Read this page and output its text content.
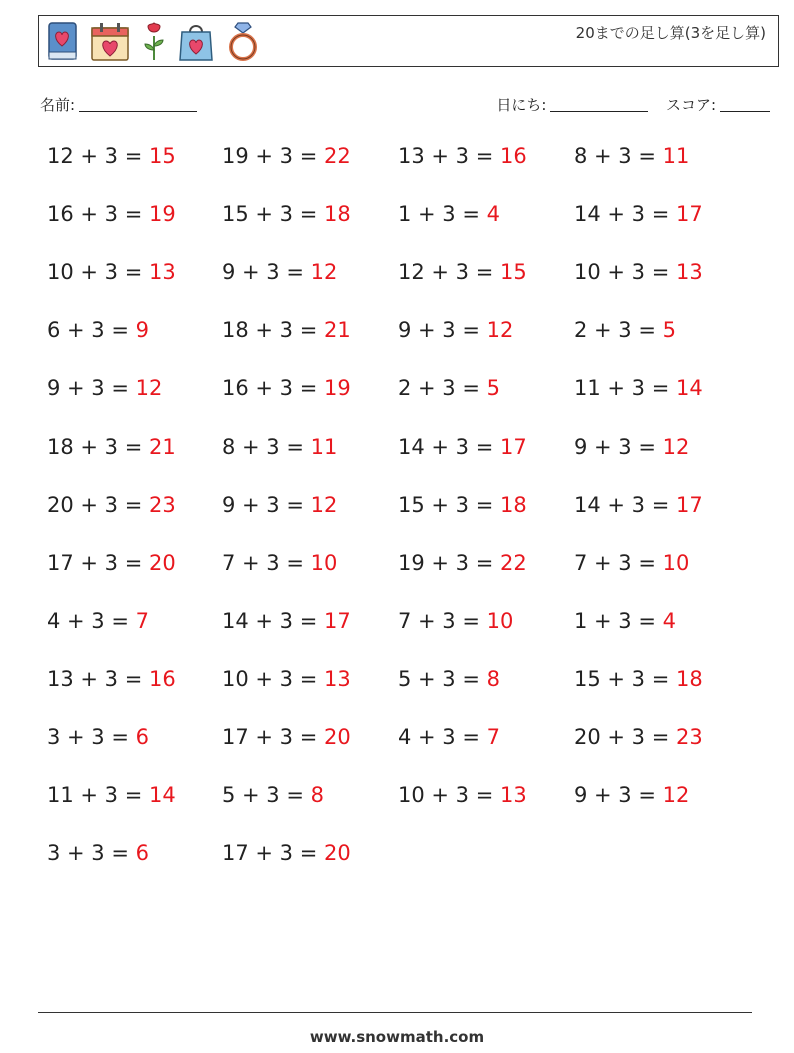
20までの足し算(3を足し算)
名前:	日にち:	スコア:
12 + 3 = 15
16 + 3 = 19
10 + 3 = 13
6 + 3 = 9
9 + 3 = 12
18 + 3 = 21
20 + 3 = 23
17 + 3 = 20
4 + 3 = 7
13 + 3 = 16
3 + 3 = 6
11 + 3 = 14
3 + 3 = 6
19 + 3 = 22
15 + 3 = 18
9 + 3 = 12
18 + 3 = 21
16 + 3 = 19
8 + 3 = 11
9 + 3 = 12
7 + 3 = 10
14 + 3 = 17
10 + 3 = 13
17 + 3 = 20
5 + 3 = 8
17 + 3 = 20
13 + 3 = 16
1 + 3 = 4
12 + 3 = 15
9 + 3 = 12
2 + 3 = 5
14 + 3 = 17
15 + 3 = 18
19 + 3 = 22
7 + 3 = 10
5 + 3 = 8
4 + 3 = 7
10 + 3 = 13
8 + 3 = 11
14 + 3 = 17
10 + 3 = 13
2 + 3 = 5
11 + 3 = 14
9 + 3 = 12
14 + 3 = 17
7 + 3 = 10
1 + 3 = 4
15 + 3 = 18
20 + 3 = 23
9 + 3 = 12
www.snowmath.com
